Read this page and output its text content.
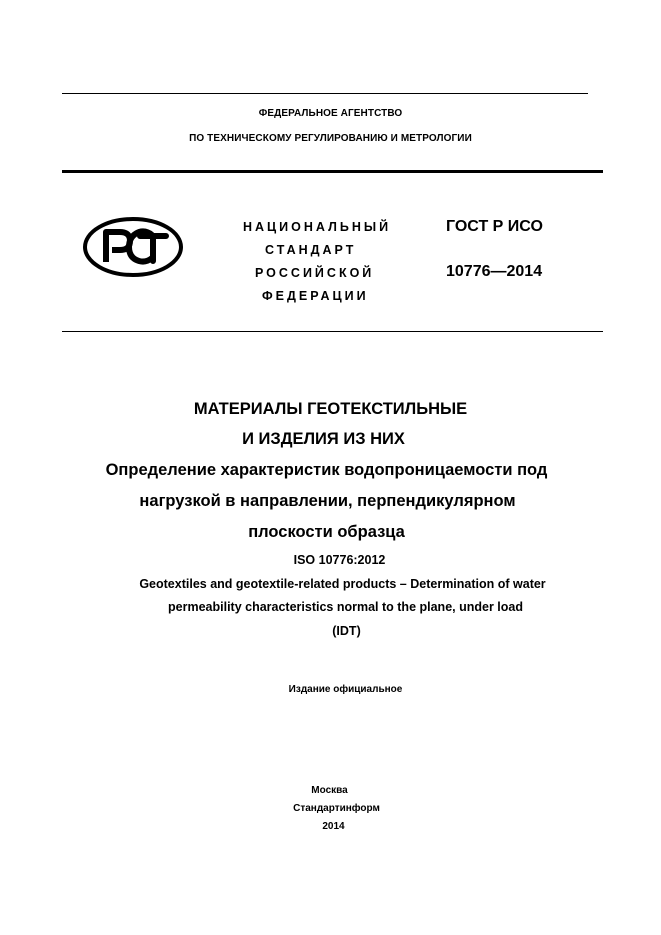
ФЕДЕРАЛЬНОЕ АГЕНТСТВО
ПО ТЕХНИЧЕСКОМУ РЕГУЛИРОВАНИЮ И МЕТРОЛОГИИ
НАЦИОНАЛЬНЫЙ
СТАНДАРТ
РОССИЙСКОЙ
ФЕДЕРАЦИИ
ГОСТ Р ИСО
10776—2014
МАТЕРИАЛЫ ГЕОТЕКСТИЛЬНЫЕ
И ИЗДЕЛИЯ ИЗ НИХ
Определение характеристик водопроницаемости под
нагрузкой в направлении, перпендикулярном
плоскости образца
ISO 10776:2012
Geotextiles and geotextile-related products – Determination of water
permeability characteristics normal to the plane, under load
(IDT)
Издание официальное
Москва
Стандартинформ
2014
